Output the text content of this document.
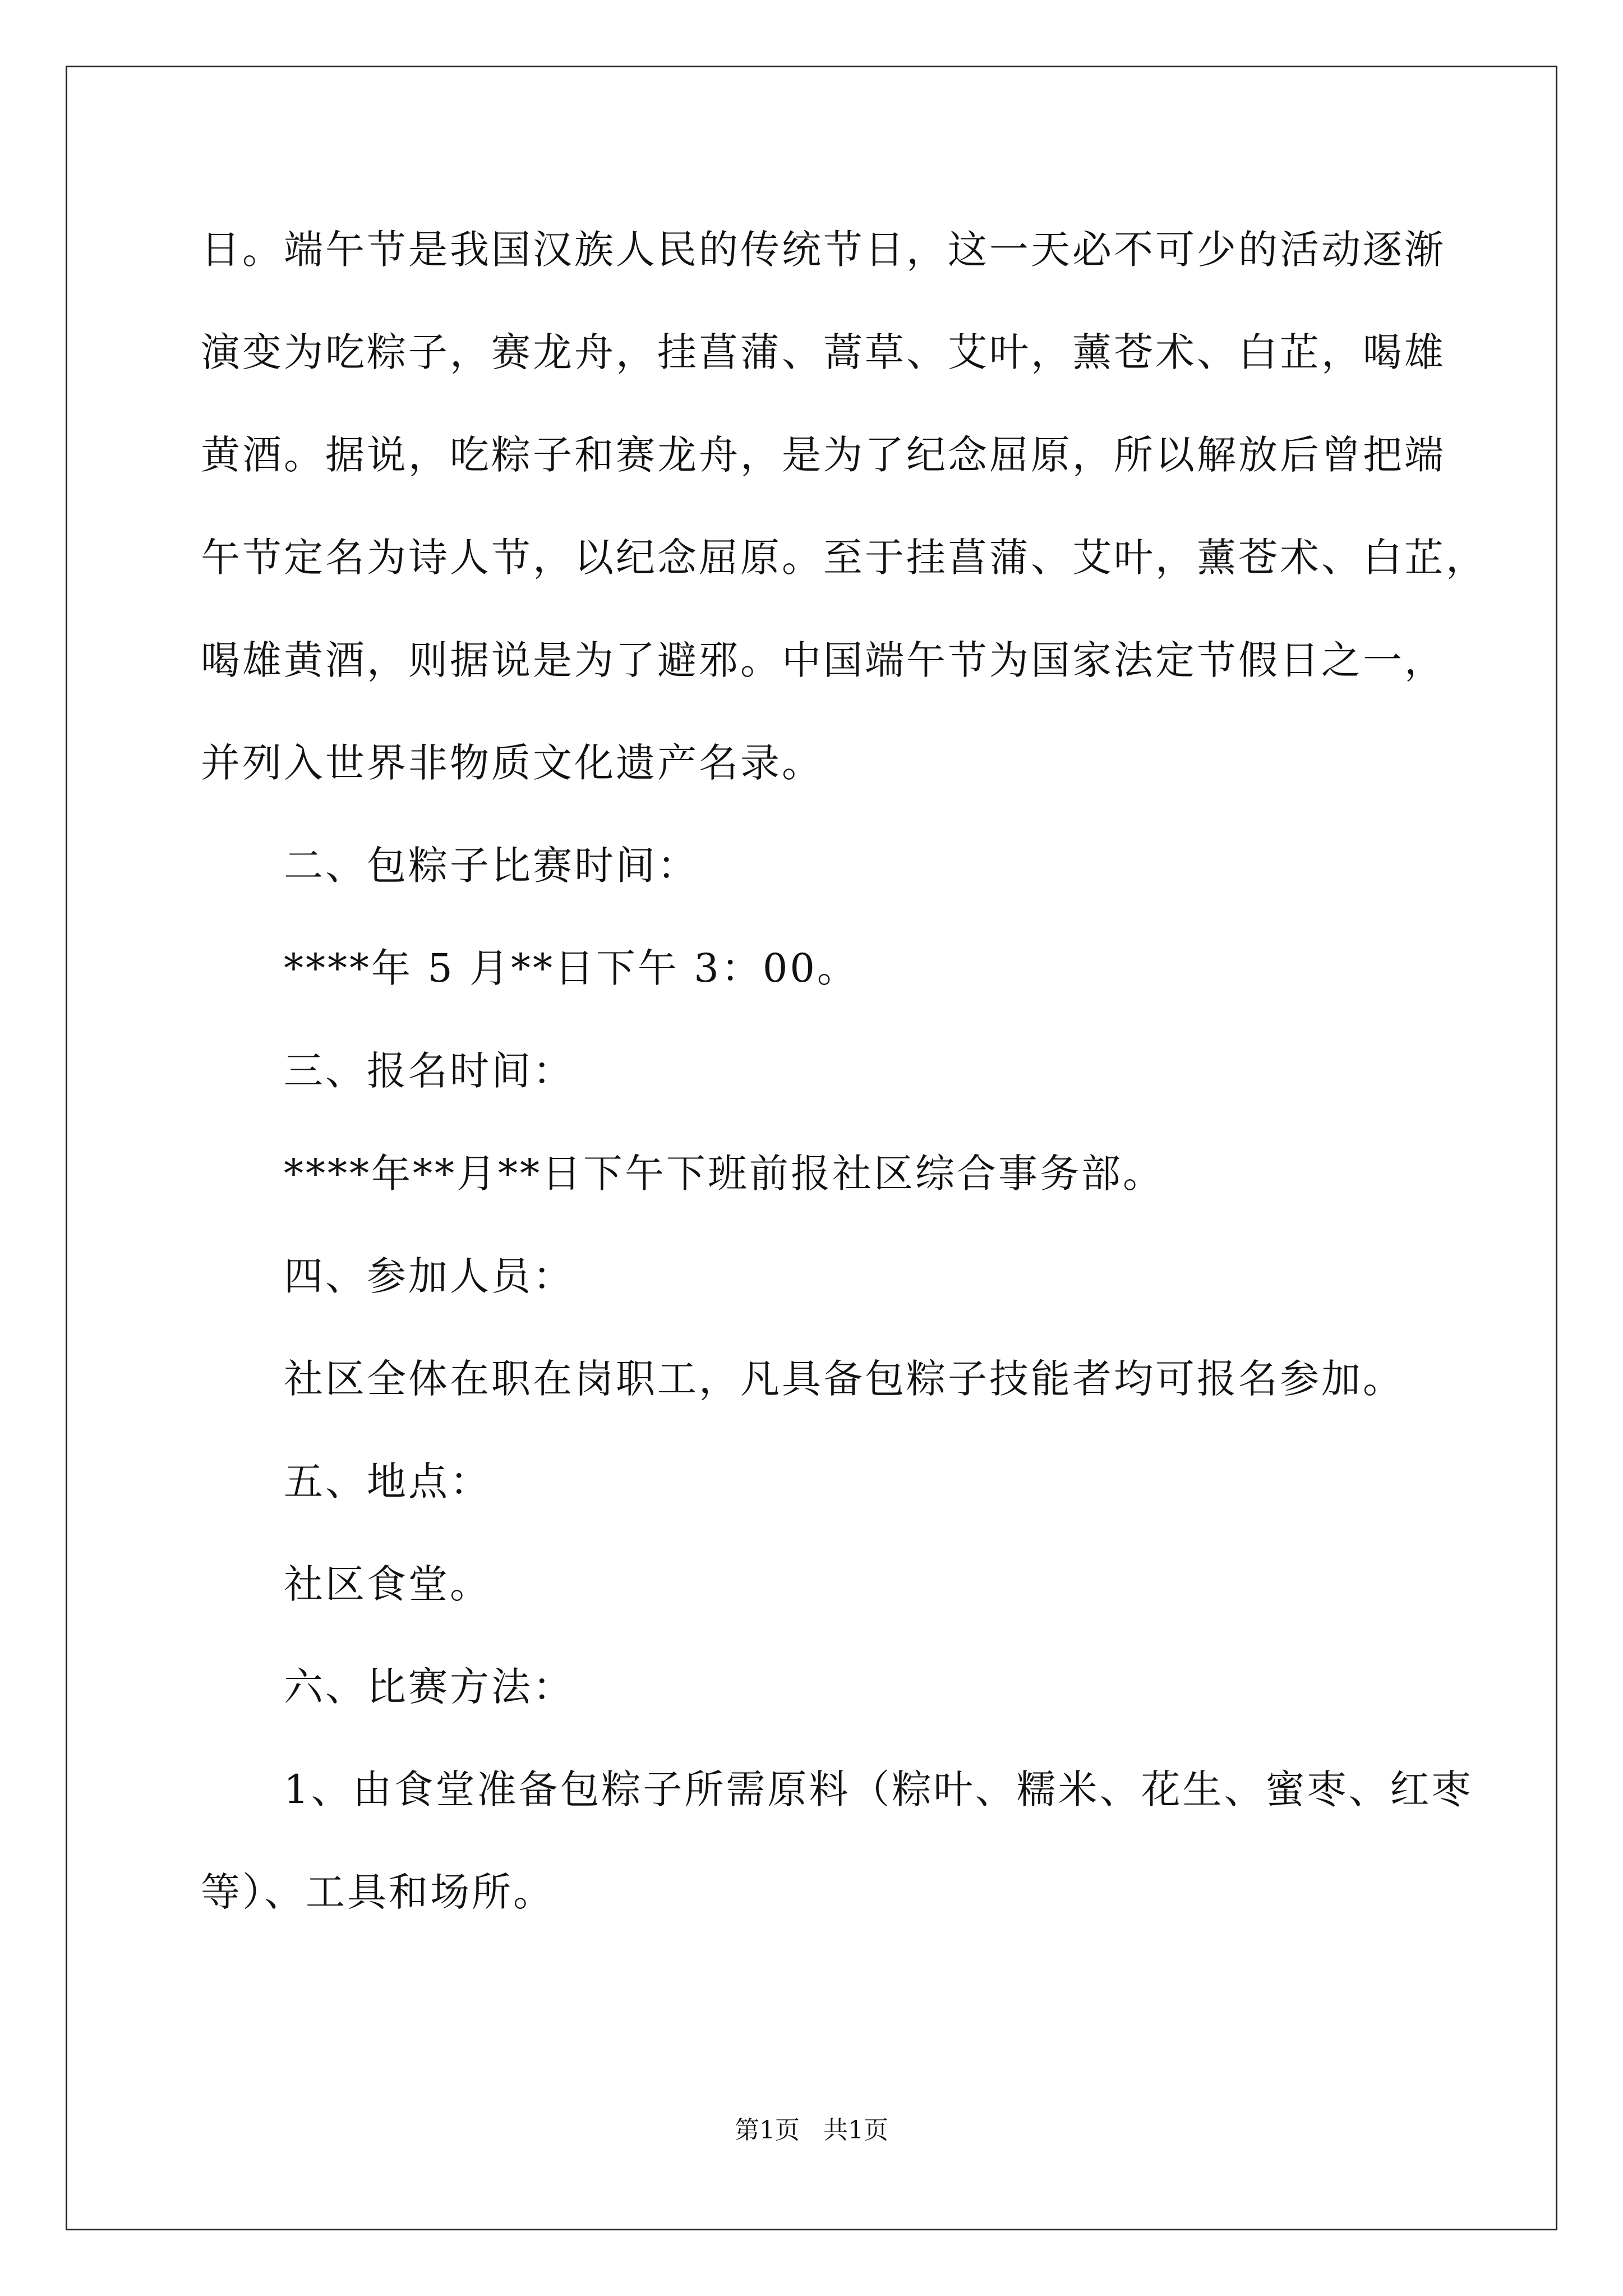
日。端午节是我国汉族人民的传统节日，这一天必不可少的活动逐渐
演变为吃粽子，赛龙舟，挂菖蒲、蒿草、艾叶，薰苍术、白芷，喝雄
黄酒。据说，吃粽子和赛龙舟，是为了纪念屈原，所以解放后曾把端
午节定名为诗人节，以纪念屈原。至于挂菖蒲、艾叶，薰苍术、白芷，
喝雄黄酒，则据说是为了避邪。中国端午节为国家法定节假日之一，
并列入世界非物质文化遗产名录。
二、包粽子比赛时间：
****年 5 月**日下午 3：00。
三、报名时间：
****年**月**日下午下班前报社区综合事务部。
四、参加人员：
社区全体在职在岗职工，凡具备包粽子技能者均可报名参加。
五、地点：
社区食堂。
六、比赛方法：
1、由食堂准备包粽子所需原料（粽叶、糯米、花生、蜜枣、红枣
等）、工具和场所。
第1页   共1页
